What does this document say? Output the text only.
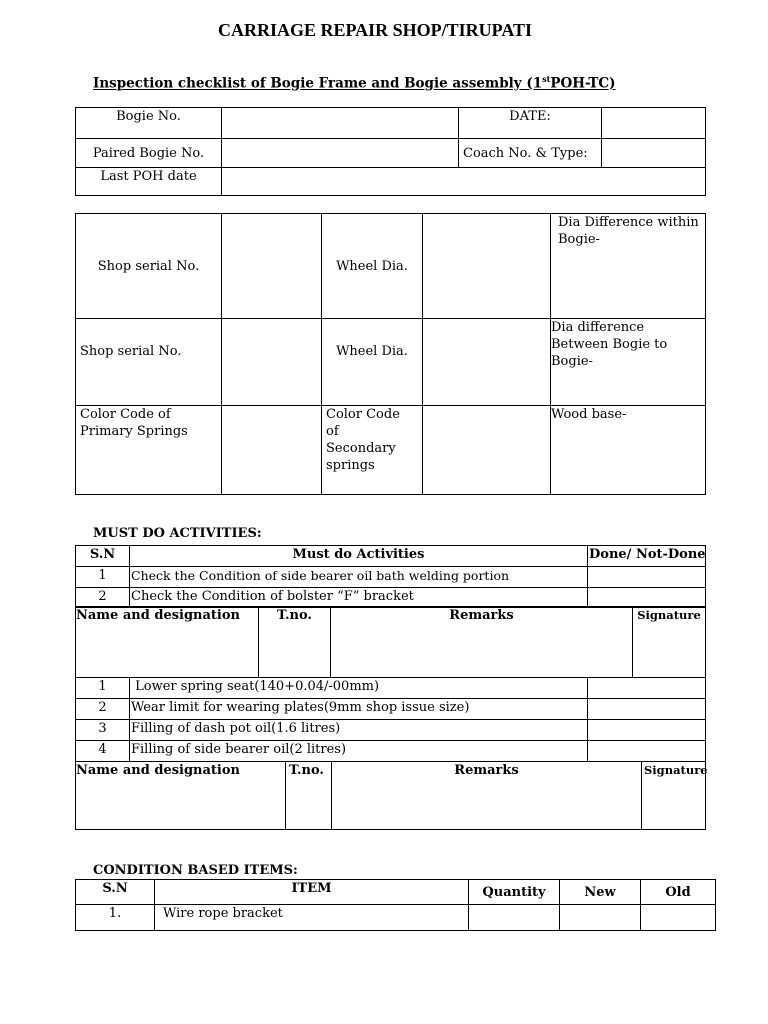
CARRIAGE REPAIR SHOP/TIRUPATI
Inspection checklist of Bogie Frame and Bogie assembly (1stPOH-TC)
Bogie No.		DATE:	
Paired Bogie No.		Coach No. & Type:	
Last POH date			
Shop serial No.		Wheel Dia.		Dia Difference within Bogie-
Shop serial No.		Wheel Dia.		Dia difference Between Bogie to Bogie-
Color Code of Primary Springs		Color Code of Secondary springs		Wood base-
MUST DO ACTIVITIES:
S.N	Must do Activities	Done/ Not-Done
1	Check the Condition of side bearer oil bath welding portion	
2	Check the Condition of bolster “F” bracket	
Name and designation	T.no.	Remarks	Signature
1	Lower spring seat(140+0.04/-00mm)	
2	Wear limit for wearing plates(9mm shop issue size)	
3	Filling of dash pot oil(1.6 litres)	
4	Filling of side bearer oil(2 litres)	
Name and designation	T.no.	Remarks	Signature
CONDITION BASED ITEMS:
S.N	ITEM	Quantity	New	Old
1.	Wire rope bracket			
